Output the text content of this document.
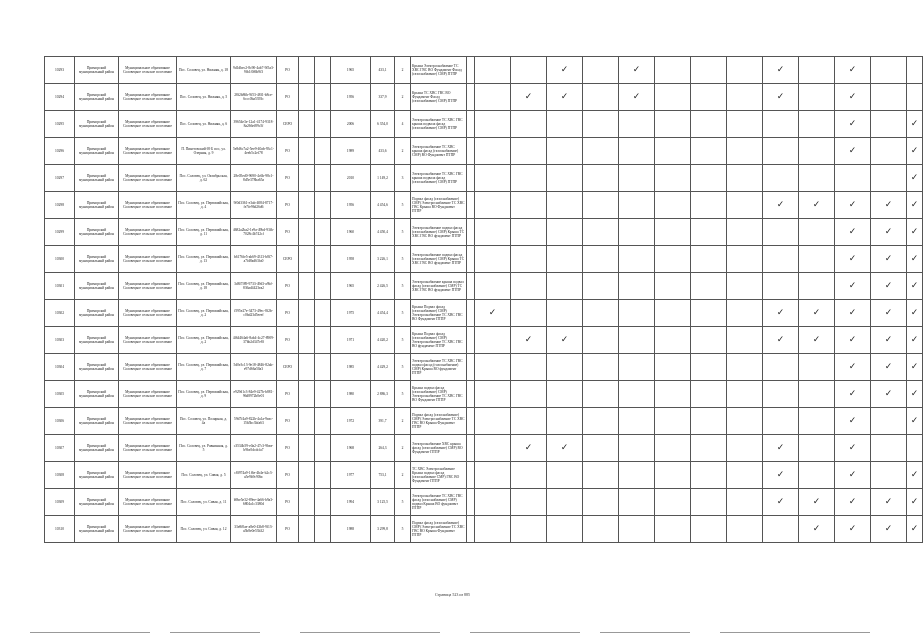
10293	Приморский муниципальный район	Муниципальное образование Соловецкое сельское поселение	Пос. Соловец, ул. Нижняя, д. 18	9d1dbec2-8c90-4ab7-9f5a3-9fb1f0f6b9f3	РО			1965	433,1	2	Крыша Электроснабжение ТС ХВС ГВС ВО Фундамент Фасад (газоснабжение) СМР) ПТПР				✓		✓				✓		✓		
10294	Приморский муниципальный район	Муниципальное образование Соловецкое сельское поселение	Пос. Соловец, ул. Нижняя, д. 5	28f2b86b-9f53-48f1-b8ce-6ccc0ba5393c	РО			1956	337,9	2	Крыша ТС ХВС ГВС ВО Фундамент Фасад (газоснабжение) СМР) ПТПР			✓	✓		✓				✓		✓		
10295	Приморский муниципальный район	Муниципальное образование Соловецкое сельское поселение	Пос. Соловец, ул. Нижняя, д. 6	39654e3e-12a1-4174-9318-8a266ef89c5f	СЕРО			2006	6 354,0	4	Электроснабжение ТС ХВС ГВС крыша подвала фасад (газоснабжение) СМР) ПТПР												✓		✓
10296	Приморский муниципальный район	Муниципальное образование Соловецкое сельское поселение	П. Пинеговский 69 Б пос, ул. Озерная, д. 9	5e8d6c7a2-5ee9-40ab-93c1-4eeb5c2ef78	РО			1989	433,6	2	Электроснабжение ТС ХВС крыша фасад (газоснабжение) СМР) ВО Фундамент ПТПР												✓		✓
10297	Приморский муниципальный район	Муниципальное образование Соловецкое сельское поселение	Пос. Соловец, ул. Октябрьская, д. 62	28e05ed0-9690-4c6b-98c1-8d5e378ba65a	РО			2010	1 149,2	3	Электроснабжение ТС ХВС ГВС крыша подвала фасад (газоснабжение) СМР) ПТПР														✓
10298	Приморский муниципальный район	Муниципальное образование Соловецкое сельское поселение	Пос. Соловец, ул. Первомайская, д. 4	9f0d3361-e3ab-4084-8717-fe7fe96d26d6	РО			1956	4 454,6	5	Подвал фасад (газоснабжение) СМР) Электроснабжение ТС ХВС ГВС Крыша ВО Фундамент ПТПР										✓	✓	✓	✓	✓
10299	Приморский муниципальный район	Муниципальное образование Соловецкое сельское поселение	Пос. Соловец, ул. Первомайская, д. 11	4682a2ba2-1e9a-49bd-93fb-7028c4b742cf	РО			1960	4 450,4	5	Электроснабжение подвал фасад (газоснабжение) СМР) Крыша ТС ХВС ГВС ВО фундамент ПТПР												✓	✓	✓
10300	Приморский муниципальный район	Муниципальное образование Соловецкое сельское поселение	Пос. Соловец, ул. Первомайская, д. 13	b6176fe5-ab69-4313-b8f7-a7fd8ad63fa0	СЕРО			1958	3 226,1	5	Электроснабжение подвал фасад (газоснабжение) СМР) Крыша ТС ХВС ГВС ВО фундамент ПТПР												✓	✓	✓
10301	Приморский муниципальный район	Муниципальное образование Соловецкое сельское поселение	Пос. Соловец, ул. Первомайская, д. 18	3d8f7f89-9733-49d3-a9bf-836ad4423ea2	РО			1965	2 426,5	5	Электроснабжение крыша подвал фасад (газоснабжение) СМР) ТС ХВС ГВС ВО фундамент ПТПР												✓	✓	✓
10302	Приморский муниципальный район	Муниципальное образование Соловецкое сельское поселение	Пос. Соловец, ул. Первомайская, д. 2	f595e27e-3473-49ec-8f2b-c0bd23d5eeef	РО			1975	4 454,4	5	Крыша Подвал фасад (газоснабжение) СМР) Электроснабжение ТС ХВС ГВС ВО Фундамент ПТПР		✓								✓	✓	✓	✓	✓
10303	Приморский муниципальный район	Муниципальное образование Соловецкое сельское поселение	Пос. Соловец, ул. Первомайская, д. 2	4f64464a6-8ab4-4c27-8909-37bb2d347e8f	РО			1971	4 420,2	5	Крыша Подвал фасад (газоснабжение) СМР) Электроснабжение ТС ХВС ГВС ВО фундамент ПТПР			✓	✓						✓	✓	✓	✓	✓
10304	Приморский муниципальный район	Муниципальное образование Соловецкое сельское поселение	Пос. Соловец, ул. Первомайская, д. 7	5d0e3c13-9e18-4846-82ab-e97d66a50a3	СЕРО			1985	4 429,2	5	Электроснабжение ТС ХВС ГВС подвал фасад (газоснабжение) СМР) Крыша ВО фундамент ПТПР												✓	✓	✓
10305	Приморский муниципальный район	Муниципальное образование Соловецкое сельское поселение	Пос. Соловец, ул. Первомайская, д. 9	e929d1c3-84e9-427b-b881-96d8972b0e01	РО			1980	2 886,3	5	Крыша подвал фасад (газоснабжение) СМР) Электроснабжение ТС ХВС ГВС ВО Фундамент ПТПР												✓	✓	✓
10306	Приморский муниципальный район	Муниципальное образование Соловецкое сельское поселение	Пос. Соловец, ул. Полярная, д. 4а	59d7f4a9-822b-4a1a-9eac-15b5bc3bfa63	РО			1972	391,7	2	Подвал фасад (газоснабжение) СМР) Электроснабжение ТС ХВС ГВС ВО Крыша Фундамент ПТПР												✓		✓
10307	Приморский муниципальный район	Муниципальное образование Соловецкое сельское поселение	Пос. Соловец, ул. Равнинная, д. 5	c3534b59-e0a2-47c3-9bea-b9be5dcdcfa7	РО			1968	264,3	2	Электроснабжение ХВС крыша фасад (газоснабжение) СМР) ВО Фундамент ПТПР			✓	✓						✓		✓		
10308	Приморский муниципальный район	Муниципальное образование Соловецкое сельское поселение	Пос. Соловец, ул. Сивая, д. 5	c8f974a9-1f6e-4b4e-b2c3-a5e9b9c90bc	РО			1977	753,1	2	ТС ХВС Электроснабжение Крыша подвал фасад (газоснабжение СМР) ГВС ВО Фундамент ПТПР										✓		✓		✓
10309	Приморский муниципальный район	Муниципальное образование Соловецкое сельское поселение	Пос. Соловец, ул. Сивая, д. 11	b9be5e32-89ee-4a66-b9a3-6804a1c3380d	РО			1994	3 125,5	5	Электроснабжение ТС ХВС ГВС фасад (газоснабжение) СМР) подвал Крыша ВО фундамент ПТПР										✓	✓	✓	✓	✓
10310	Приморский муниципальный район	Муниципальное образование Соловецкое сельское поселение	Пос. Соловец, ул. Сивая, д. 12	33e8f0ae-a8e0-43b8-9f13-a5b8e0e53b32	РО			1988	3 299,8	5	Подвал фасад (газоснабжение) СМР) Электроснабжение ТС ХВС ГВС ВО Крыша Фундамент ПТПР											✓	✓	✓	✓
Страница 523 из 885
